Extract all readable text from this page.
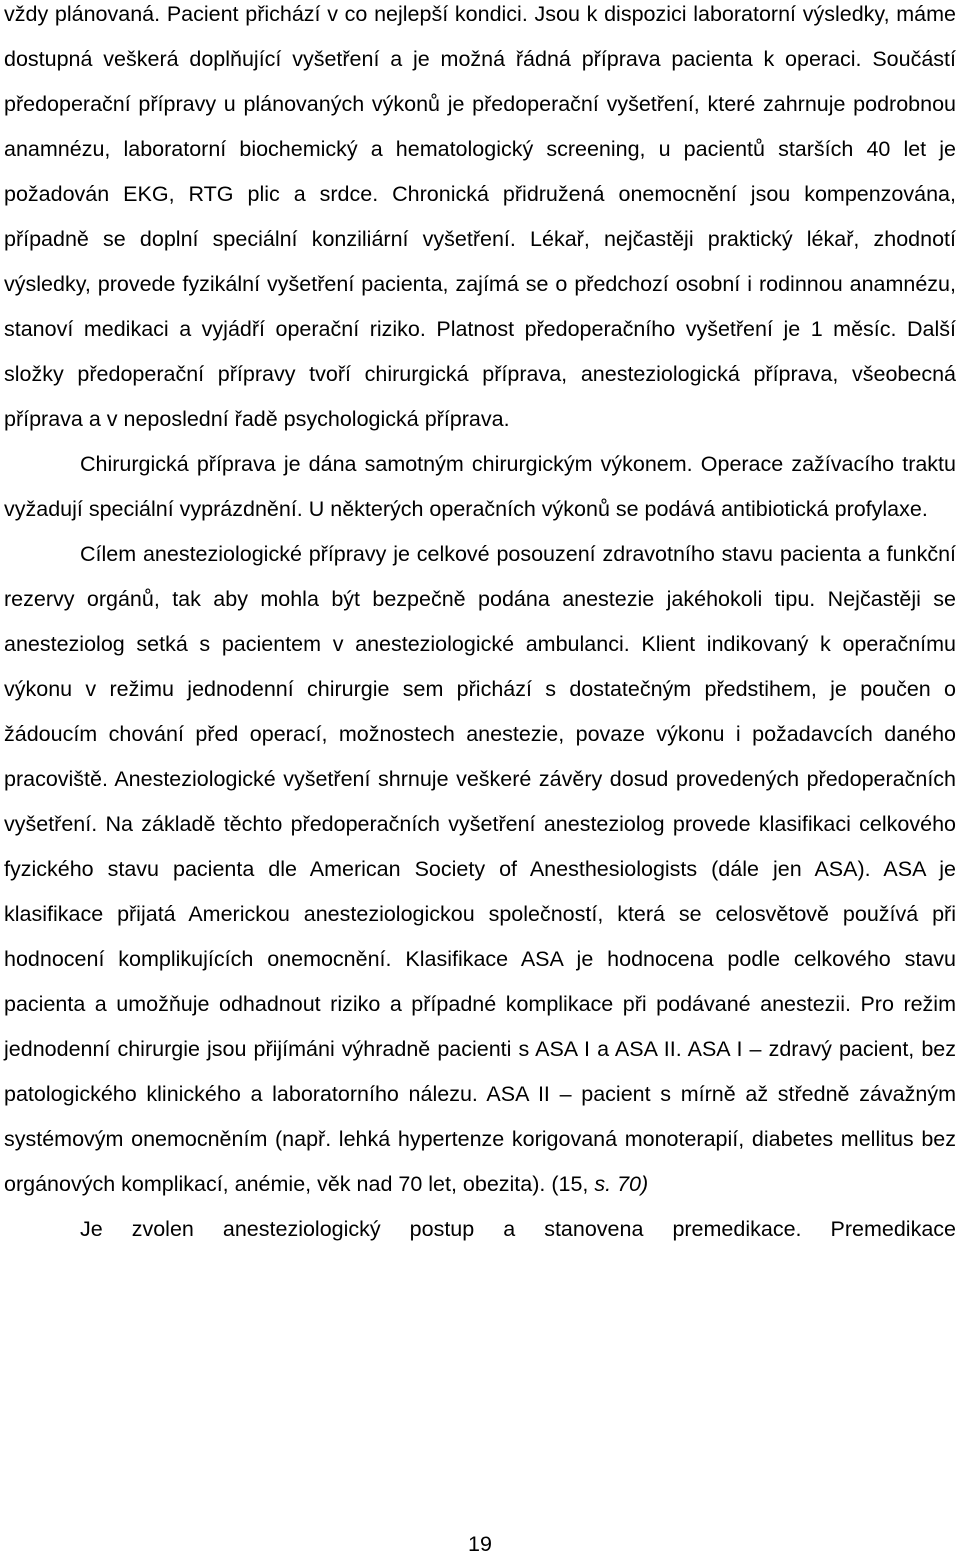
vždy plánovaná. Pacient přichází v co nejlepší kondici. Jsou k dispozici laboratorní výsledky, máme dostupná veškerá doplňující vyšetření a je možná řádná příprava pacienta k operaci. Součástí předoperační přípravy u plánovaných výkonů je předoperační vyšetření, které zahrnuje podrobnou anamnézu, laboratorní biochemický a hematologický screening, u pacientů starších 40 let je požadován EKG, RTG plic a srdce. Chronická přidružená onemocnění jsou kompenzována, případně se doplní speciální konziliární vyšetření. Lékař, nejčastěji praktický lékař, zhodnotí výsledky, provede fyzikální vyšetření pacienta, zajímá se o předchozí osobní i rodinnou anamnézu, stanoví medikaci a vyjádří operační riziko. Platnost předoperačního vyšetření je 1 měsíc. Další složky předoperační přípravy tvoří chirurgická příprava, anesteziologická příprava, všeobecná příprava a v neposlední řadě psychologická příprava.

Chirurgická příprava je dána samotným chirurgickým výkonem. Operace zažívacího traktu vyžadují speciální vyprázdnění. U některých operačních výkonů se podává antibiotická profylaxe.

Cílem anesteziologické přípravy je celkové posouzení zdravotního stavu pacienta a funkční rezervy orgánů, tak aby mohla být bezpečně podána anestezie jakéhokoli tipu. Nejčastěji se anesteziolog setká s pacientem v anesteziologické ambulanci. Klient indikovaný k operačnímu výkonu v režimu jednodenní chirurgie sem přichází s dostatečným předstihem, je poučen o žádoucím chování před operací, možnostech anestezie, povaze výkonu i požadavcích daného pracoviště. Anesteziologické vyšetření shrnuje veškeré závěry dosud provedených předoperačních vyšetření. Na základě těchto předoperačních vyšetření anesteziolog provede klasifikaci celkového fyzického stavu pacienta dle American Society of Anesthesiologists (dále jen ASA). ASA je klasifikace přijatá Americkou anesteziologickou společností, která se celosvětově používá při hodnocení komplikujících onemocnění. Klasifikace ASA je hodnocena podle celkového stavu pacienta a umožňuje odhadnout riziko a případné komplikace při podávané anestezii. Pro režim jednodenní chirurgie jsou přijímáni výhradně pacienti s ASA I a ASA II. ASA I – zdravý pacient, bez patologického klinického a laboratorního nálezu. ASA II – pacient s mírně až středně závažným systémovým onemocněním (např. lehká hypertenze korigovaná monoterapií, diabetes mellitus bez orgánových komplikací, anémie, věk nad 70 let, obezita). (15, s. 70)

Je zvolen anesteziologický postup a stanovena premedikace. Premedikace

19
